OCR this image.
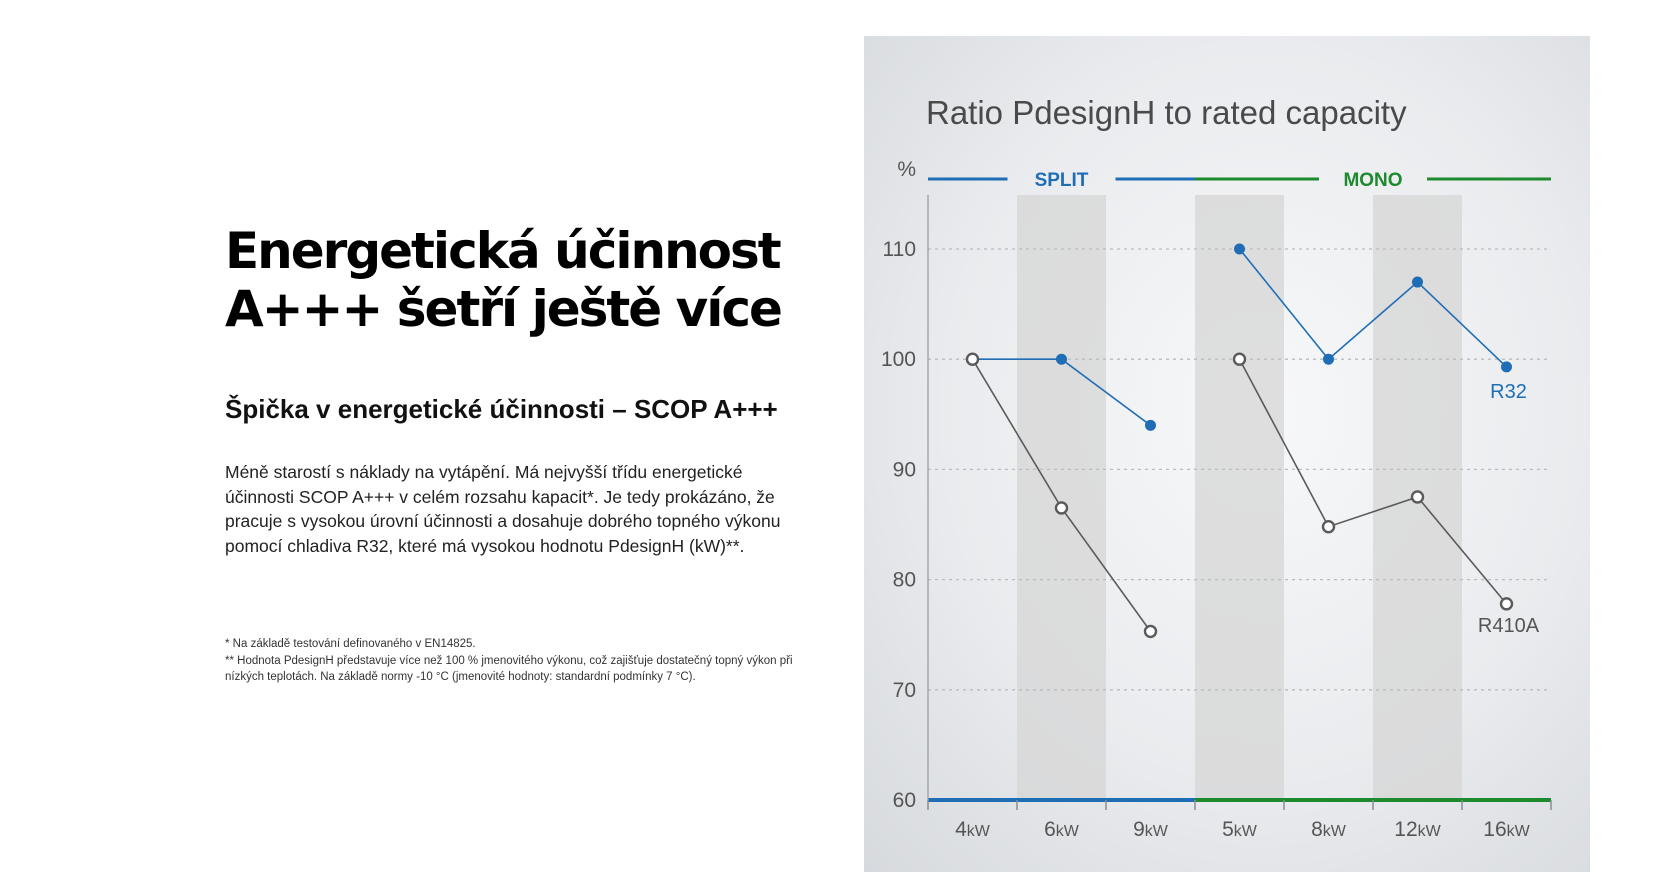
Energetická účinnost
A+++ šetří ještě více
Špička v energetické účinnosti – SCOP A+++

Méně starostí s náklady na vytápění. Má nejvyšší třídu energetické účinnosti SCOP A+++ v celém rozsahu kapacit*. Je tedy prokázáno, že pracuje s vysokou úrovní účinnosti a dosahuje dobrého topného výkonu pomocí chladiva R32, které má vysokou hodnotu PdesignH (kW)**.

* Na základě testování definovaného v EN14825.

** Hodnota PdesignH představuje více než 100 % jmenovitého výkonu, což zajišťuje dostatečný topný výkon při nízkých teplotách. Na základě normy -10 °C (jmenovité hodnoty: standardní podmínky 7 °C).

Ratio PdesignH to rated capacity
%
60
70
80
90
100
110
SPLIT	MONO
4kW	6kW	9kW	5kW	8kW 12kW 16kW
R32
R410A
